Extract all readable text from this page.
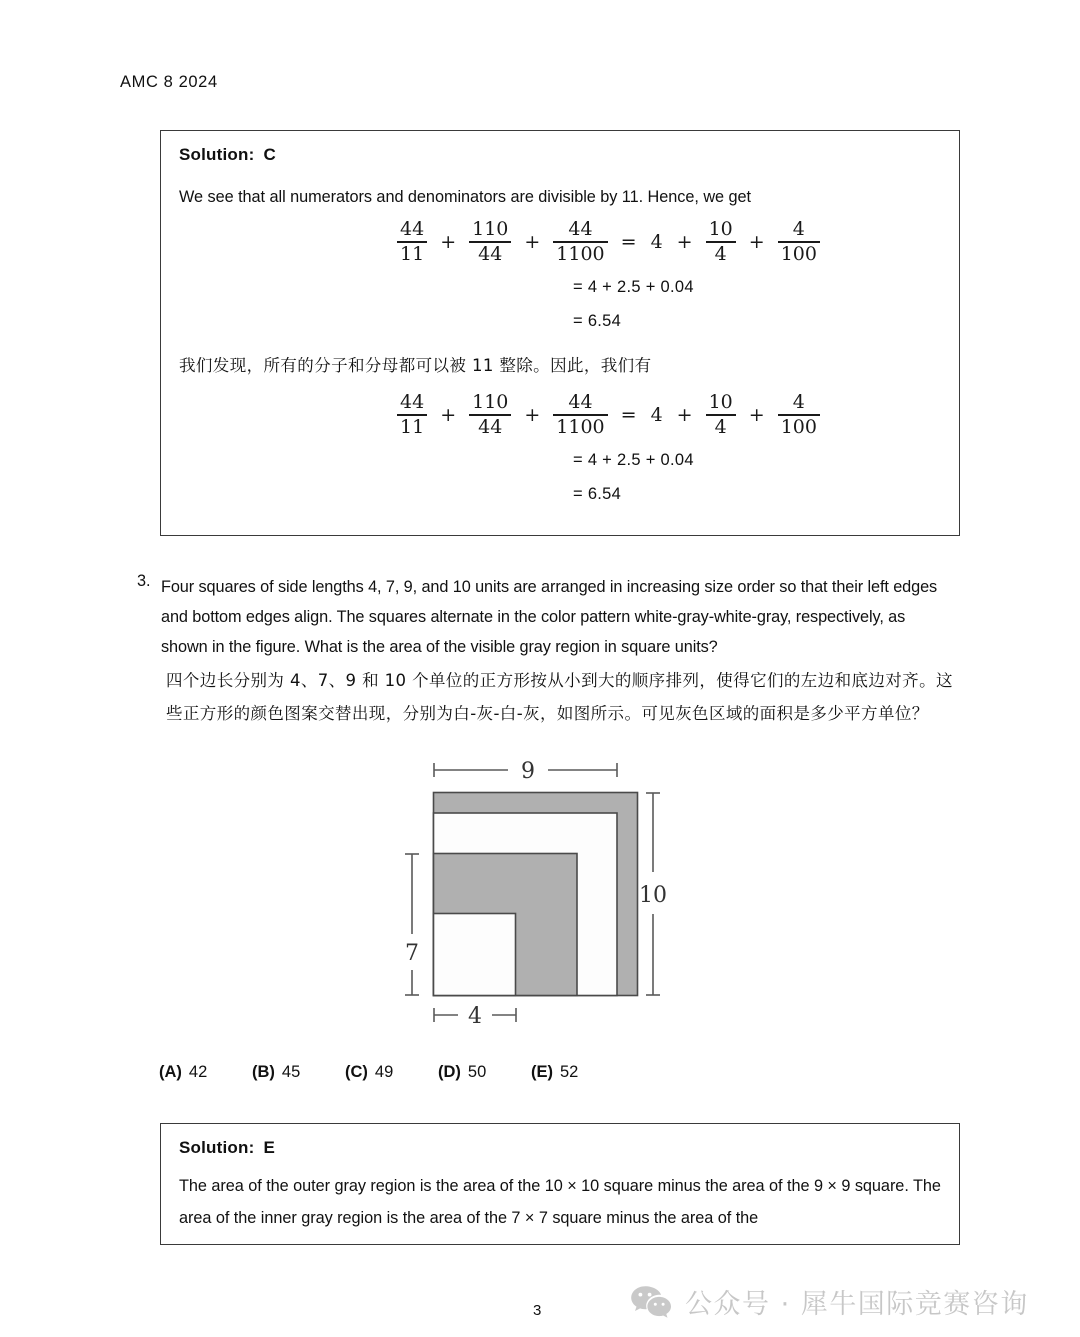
AMC 8 2024
Solution: C
We see that all numerators and denominators are divisible by 11. Hence, we get
$\frac{44}{11} + \frac{110}{44} + \frac{44}{1100} = 4 + \frac{10}{4} + \frac{4}{100}$
= 4 + 2.5 + 0.04
= 6.54
我们发现，所有的分子和分母都可以被 11 整除。因此，我们有
$\frac{44}{11} + \frac{110}{44} + \frac{44}{1100} = 4 + \frac{10}{4} + \frac{4}{100}$
= 4 + 2.5 + 0.04
= 6.54
3. Four squares of side lengths 4, 7, 9, and 10 units are arranged in increasing size order so that their left edges and bottom edges align. The squares alternate in the color pattern white-gray-white-gray, respectively, as shown in the figure. What is the area of the visible gray region in square units?
四个边长分别为 4、7、9 和 10 个单位的正方形按从小到大的顺序排列，使得它们的左边和底边对齐。这些正方形的颜色图案交替出现，分别为白-灰-白-灰，如图所示。可见灰色区域的面积是多少平方单位？
9
10
7
4
(A) 42	(B) 45	(C) 49	(D) 50	(E) 52
Solution: E
The area of the outer gray region is the area of the 10 × 10 square minus the area of the 9 × 9 square. The area of the inner gray region is the area of the 7 × 7 square minus the area of the
3	公众号 · 犀牛国际竞赛咨询
